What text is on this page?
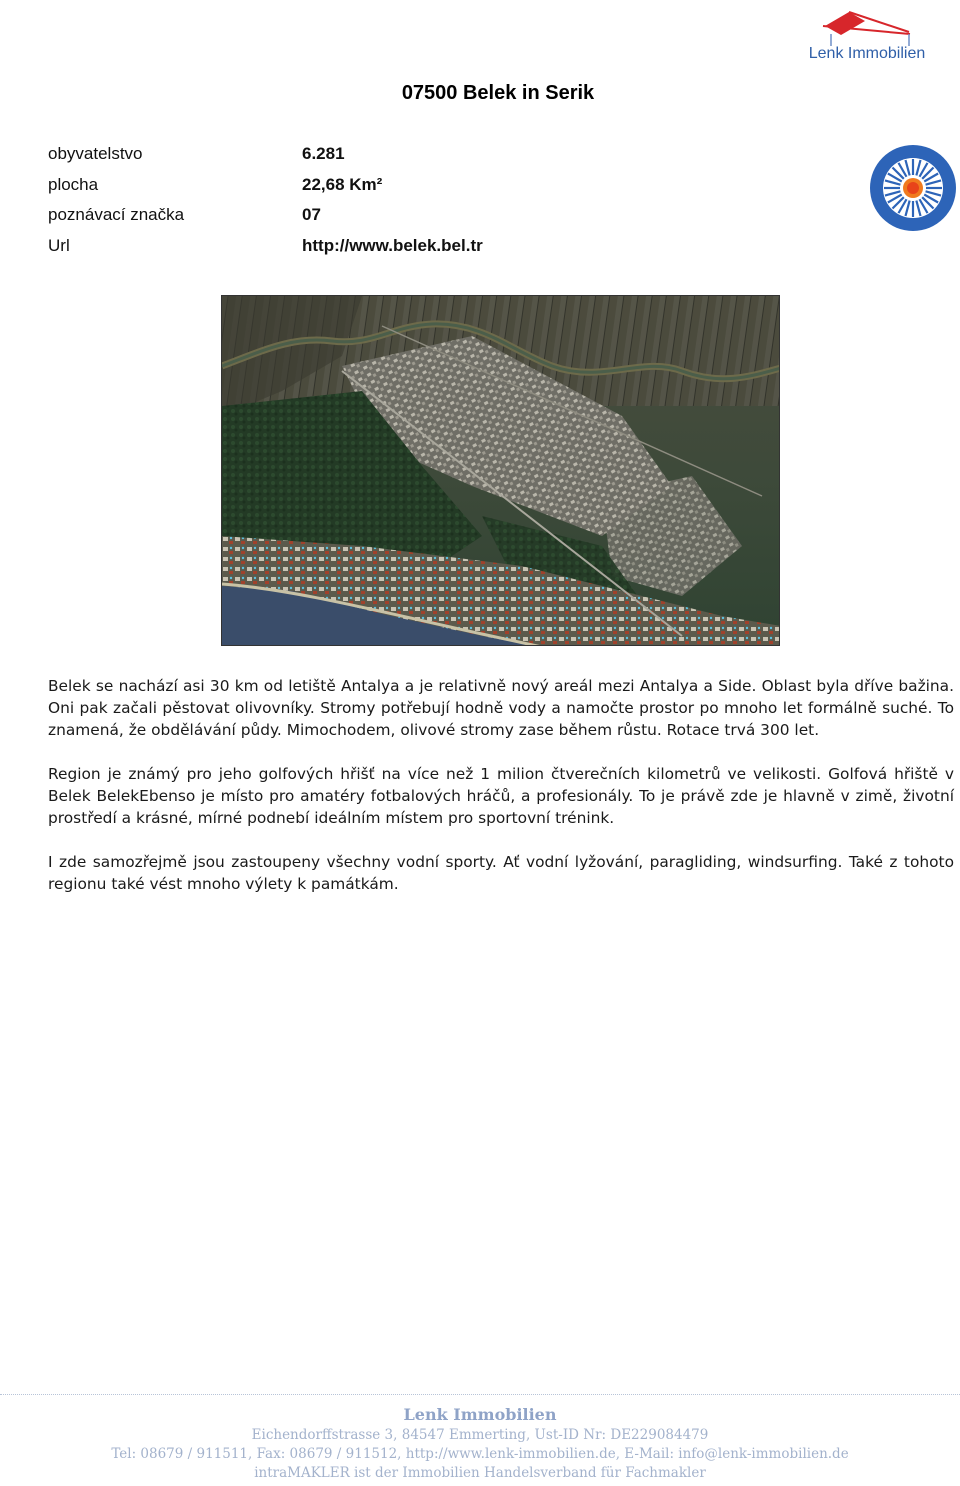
Lenk Immobilien
07500 Belek in Serik
obyvatelstvo	6.281
plocha	22,68 Km²
poznávací značka	07
Url	http://www.belek.bel.tr

Belek se nachází asi 30 km od letiště Antalya a je relativně nový areál mezi Antalya a Side. Oblast byla dříve bažina. Oni pak začali pěstovat olivovníky. Stromy potřebují hodně vody a namočte prostor po mnoho let formálně suché. To znamená, že obdělávání půdy. Mimochodem, olivové stromy zase během růstu. Rotace trvá 300 let.

Region je známý pro jeho golfových hřišť na více než 1 milion čtverečních kilometrů ve velikosti. Golfová hřiště v Belek BelekEbenso je místo pro amatéry fotbalových hráčů, a profesionály. To je právě zde je hlavně v zimě, životní prostředí a krásné, mírné podnebí ideálním místem pro sportovní trénink.

I zde samozřejmě jsou zastoupeny všechny vodní sporty. Ať vodní lyžování, paragliding, windsurfing. Také z tohoto regionu také vést mnoho výlety k památkám.

Lenk Immobilien
Eichendorffstrasse 3, 84547 Emmerting, Ust-ID Nr: DE229084479
Tel: 08679 / 911511, Fax: 08679 / 911512, http://www.lenk-immobilien.de, E-Mail: info@lenk-immobilien.de
intraMAKLER ist der Immobilien Handelsverband für Fachmakler
